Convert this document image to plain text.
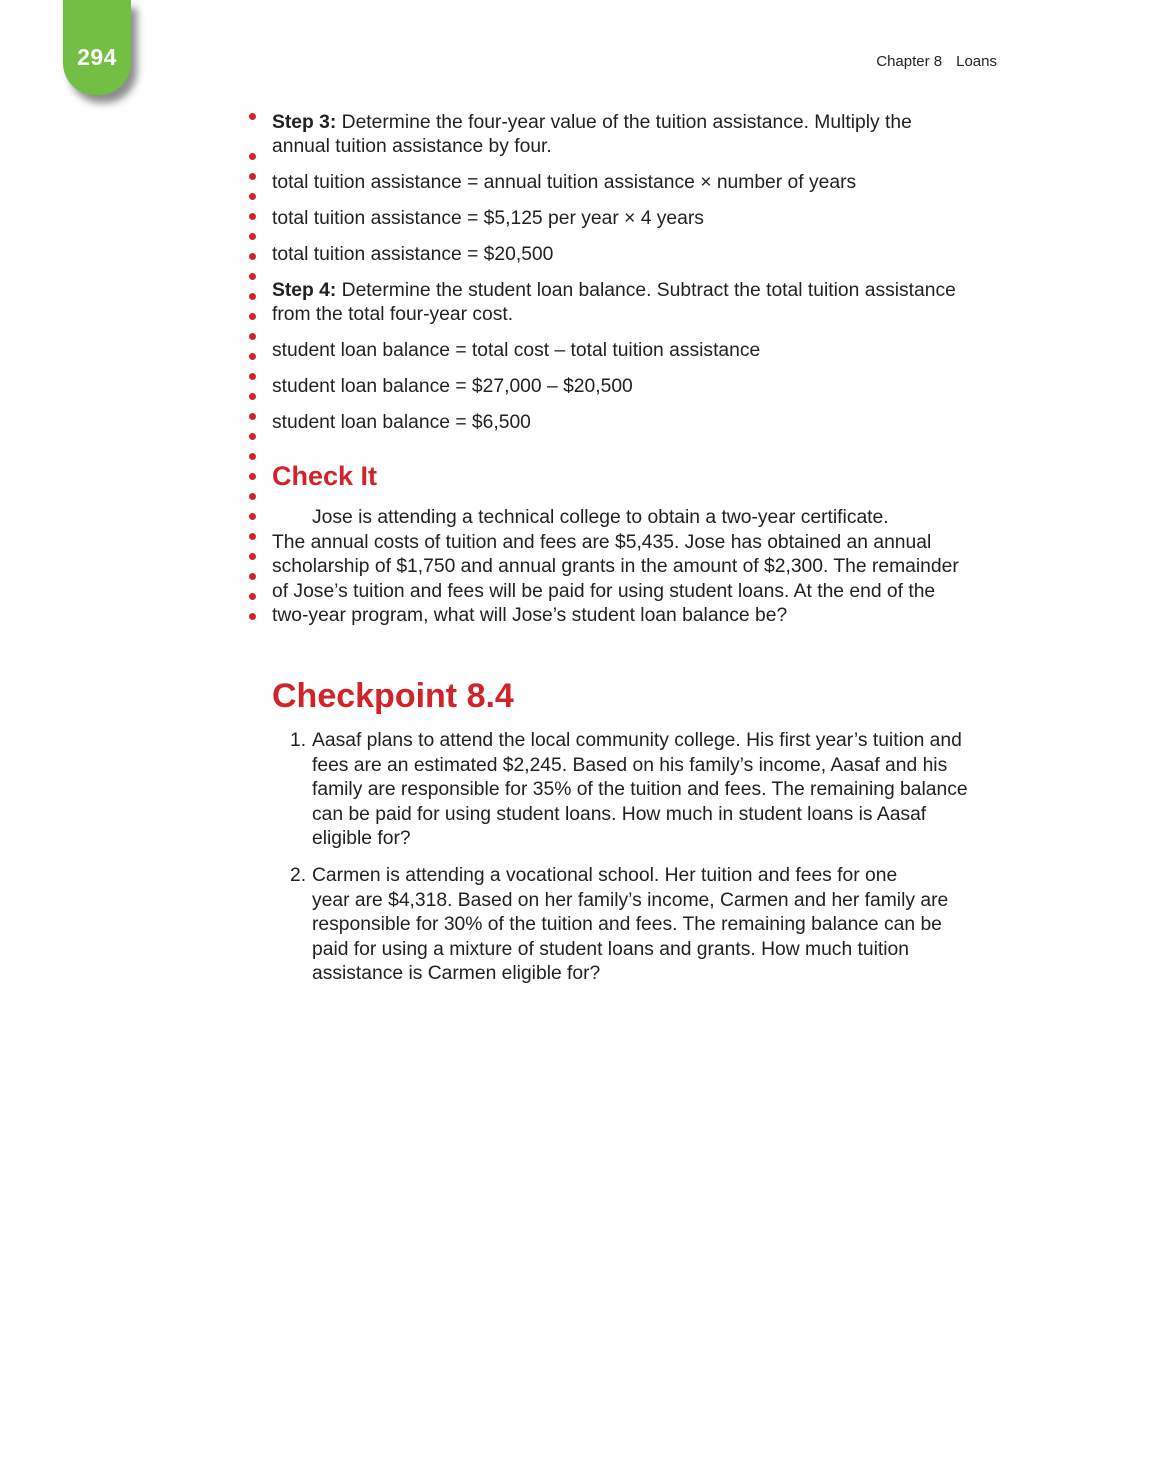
294	Chapter 8 Loans
Step 3: Determine the four-year value of the tuition assistance. Multiply the
annual tuition assistance by four.
total tuition assistance = annual tuition assistance × number of years
total tuition assistance = $5,125 per year × 4 years
total tuition assistance = $20,500
Step 4: Determine the student loan balance. Subtract the total tuition assistance
from the total four-year cost.
student loan balance = total cost – total tuition assistance
student loan balance = $27,000 – $20,500
student loan balance = $6,500
Check It
Jose is attending a technical college to obtain a two-year certificate.
The annual costs of tuition and fees are $5,435. Jose has obtained an annual
scholarship of $1,750 and annual grants in the amount of $2,300. The remainder
of Jose’s tuition and fees will be paid for using student loans. At the end of the
two-year program, what will Jose’s student loan balance be?
Checkpoint 8.4
1. Aasaf plans to attend the local community college. His first year’s tuition and
fees are an estimated $2,245. Based on his family’s income, Aasaf and his
family are responsible for 35% of the tuition and fees. The remaining balance
can be paid for using student loans. How much in student loans is Aasaf
eligible for?
2. Carmen is attending a vocational school. Her tuition and fees for one
year are $4,318. Based on her family’s income, Carmen and her family are
responsible for 30% of the tuition and fees. The remaining balance can be
paid for using a mixture of student loans and grants. How much tuition
assistance is Carmen eligible for?
